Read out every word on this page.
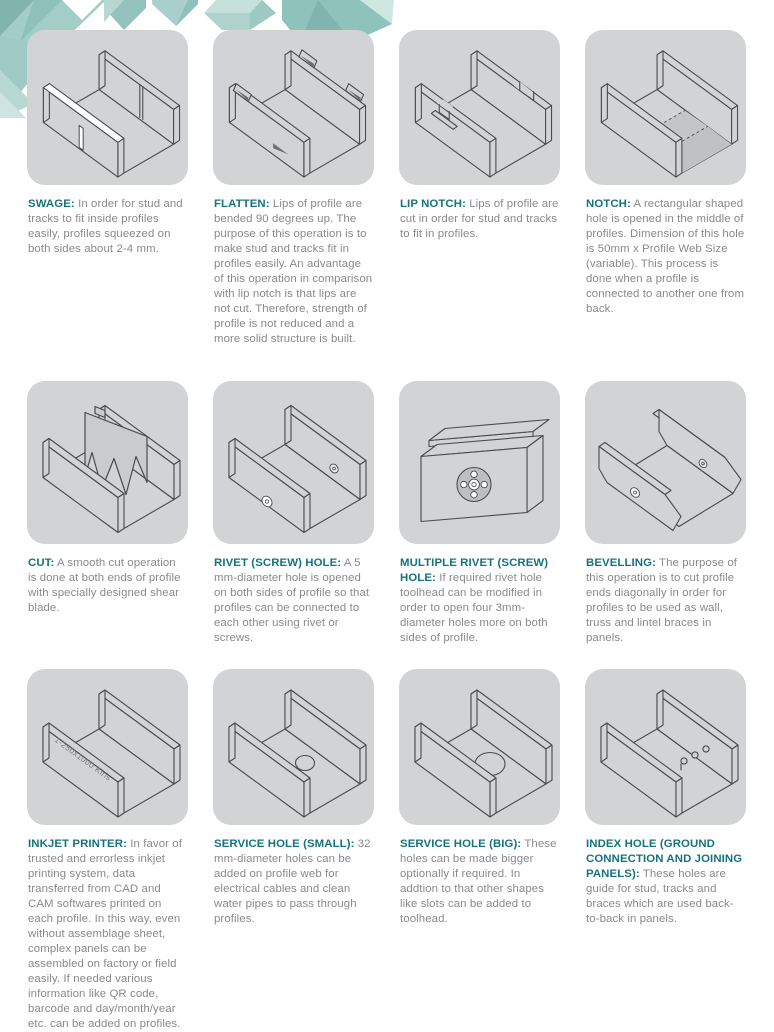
SWAGE: In order for stud and tracks to fit inside profiles easily, profiles squeezed on both sides about 2-4 mm.

FLATTEN: Lips of profile are bended 90 degrees up. The purpose of this operation is to make stud and tracks fit in profiles easily. An advantage of this operation in comparison with lip notch is that lips are not cut. Therefore, strength of profile is not reduced and a more solid structure is built.

LIP NOTCH: Lips of profile are cut in order for stud and tracks to fit in profiles.

NOTCH: A rectangular shaped hole is opened in the middle of profiles. Dimension of this hole is 50mm x Profile Web Size (variable). This process is done when a profile is connected to another one from back.

CUT: A smooth cut operation is done at both ends of profile with specially designed shear blade.

RIVET (SCREW) HOLE: A 5 mm-diameter hole is opened on both sides of profile so that profiles can be connected to each other using rivet or screws.

MULTIPLE RIVET (SCREW) HOLE: If required rivet hole toolhead can be modified in order to open four 3mm-diameter holes more on both sides of profile.

BEVELLING: The purpose of this operation is to cut profile ends diagonally in order for profiles to be used as wall, truss and lintel braces in panels.

1-250x1000 Kiris

INKJET PRINTER: In favor of trusted and errorless inkjet printing system, data transferred from CAD and CAM softwares printed on each profile. In this way, even without assemblage sheet, complex panels can be assembled on factory or field easily. If needed various information like QR code, barcode and day/month/year etc. can be added on profiles.

SERVICE HOLE (SMALL): 32 mm-diameter holes can be added on profile web for electrical cables and clean water pipes to pass through profiles.

SERVICE HOLE (BIG): These holes can be made bigger optionally if required. In addtion to that other shapes like slots can be added to toolhead.

INDEX HOLE (GROUND CONNECTION AND JOINING PANELS): These holes are guide for stud, tracks and braces which are used back-to-back in panels.
